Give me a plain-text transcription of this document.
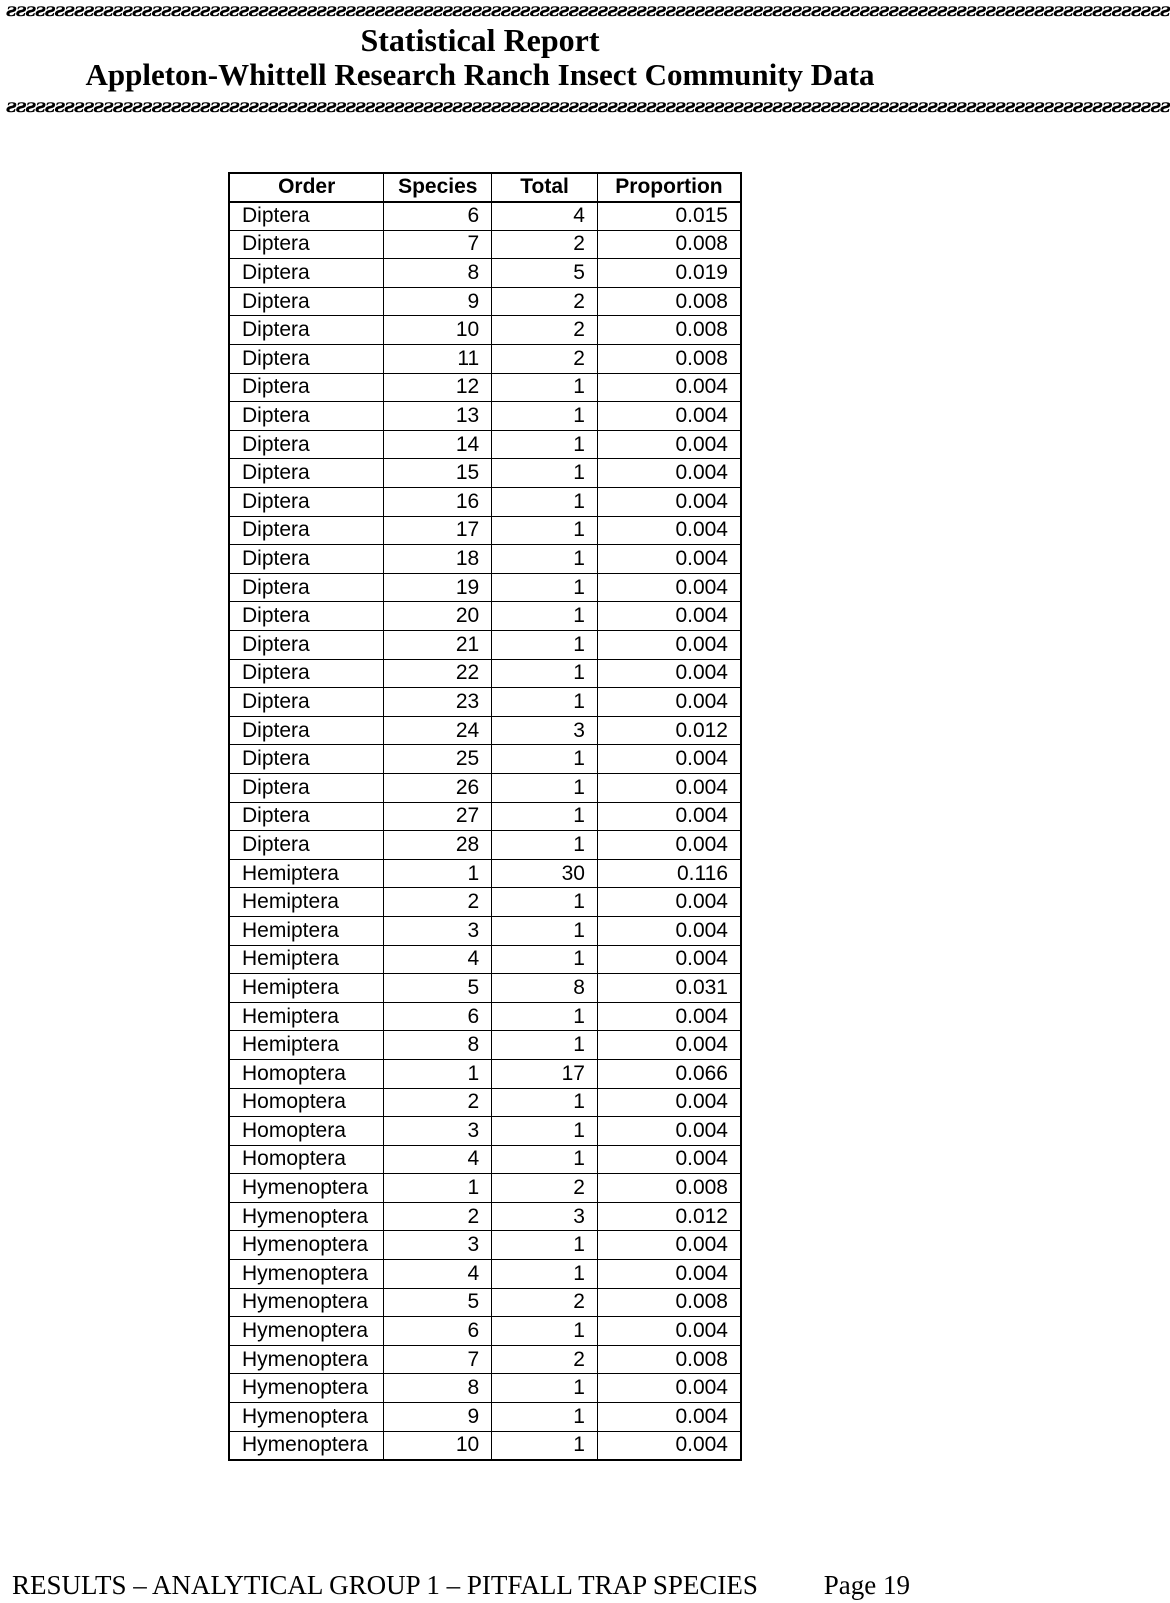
ƨƨƨƨƨƨƨƨƨƨƨƨƨƨƨƨƨƨƨƨƨƨƨƨƨƨƨƨƨƨƨƨƨƨƨƨƨƨƨƨƨƨƨƨƨƨƨƨƨƨƨƨƨƨƨƨƨƨƨƨƨƨƨƨƨƨƨƨƨƨƨƨƨƨƨƨƨƨƨƨƨƨƨƨƨƨƨƨƨƨƨƨƨƨƨƨƨƨƨƨƨƨƨƨƨƨƨƨƨƨƨƨƨƨƨƨƨƨƨƨ
Statistical Report
Appleton-Whittell Research Ranch Insect Community Data
ƨƨƨƨƨƨƨƨƨƨƨƨƨƨƨƨƨƨƨƨƨƨƨƨƨƨƨƨƨƨƨƨƨƨƨƨƨƨƨƨƨƨƨƨƨƨƨƨƨƨƨƨƨƨƨƨƨƨƨƨƨƨƨƨƨƨƨƨƨƨƨƨƨƨƨƨƨƨƨƨƨƨƨƨƨƨƨƨƨƨƨƨƨƨƨƨƨƨƨƨƨƨƨƨƨƨƨƨƨƨƨƨƨƨƨƨƨƨƨƨ
Order	Species	Total	Proportion
Diptera	6	4	0.015
Diptera	7	2	0.008
Diptera	8	5	0.019
Diptera	9	2	0.008
Diptera	10	2	0.008
Diptera	11	2	0.008
Diptera	12	1	0.004
Diptera	13	1	0.004
Diptera	14	1	0.004
Diptera	15	1	0.004
Diptera	16	1	0.004
Diptera	17	1	0.004
Diptera	18	1	0.004
Diptera	19	1	0.004
Diptera	20	1	0.004
Diptera	21	1	0.004
Diptera	22	1	0.004
Diptera	23	1	0.004
Diptera	24	3	0.012
Diptera	25	1	0.004
Diptera	26	1	0.004
Diptera	27	1	0.004
Diptera	28	1	0.004
Hemiptera	1	30	0.116
Hemiptera	2	1	0.004
Hemiptera	3	1	0.004
Hemiptera	4	1	0.004
Hemiptera	5	8	0.031
Hemiptera	6	1	0.004
Hemiptera	8	1	0.004
Homoptera	1	17	0.066
Homoptera	2	1	0.004
Homoptera	3	1	0.004
Homoptera	4	1	0.004
Hymenoptera	1	2	0.008
Hymenoptera	2	3	0.012
Hymenoptera	3	1	0.004
Hymenoptera	4	1	0.004
Hymenoptera	5	2	0.008
Hymenoptera	6	1	0.004
Hymenoptera	7	2	0.008
Hymenoptera	8	1	0.004
Hymenoptera	9	1	0.004
Hymenoptera	10	1	0.004
RESULTS – ANALYTICAL GROUP 1 – PITFALL TRAP SPECIES Page 19
